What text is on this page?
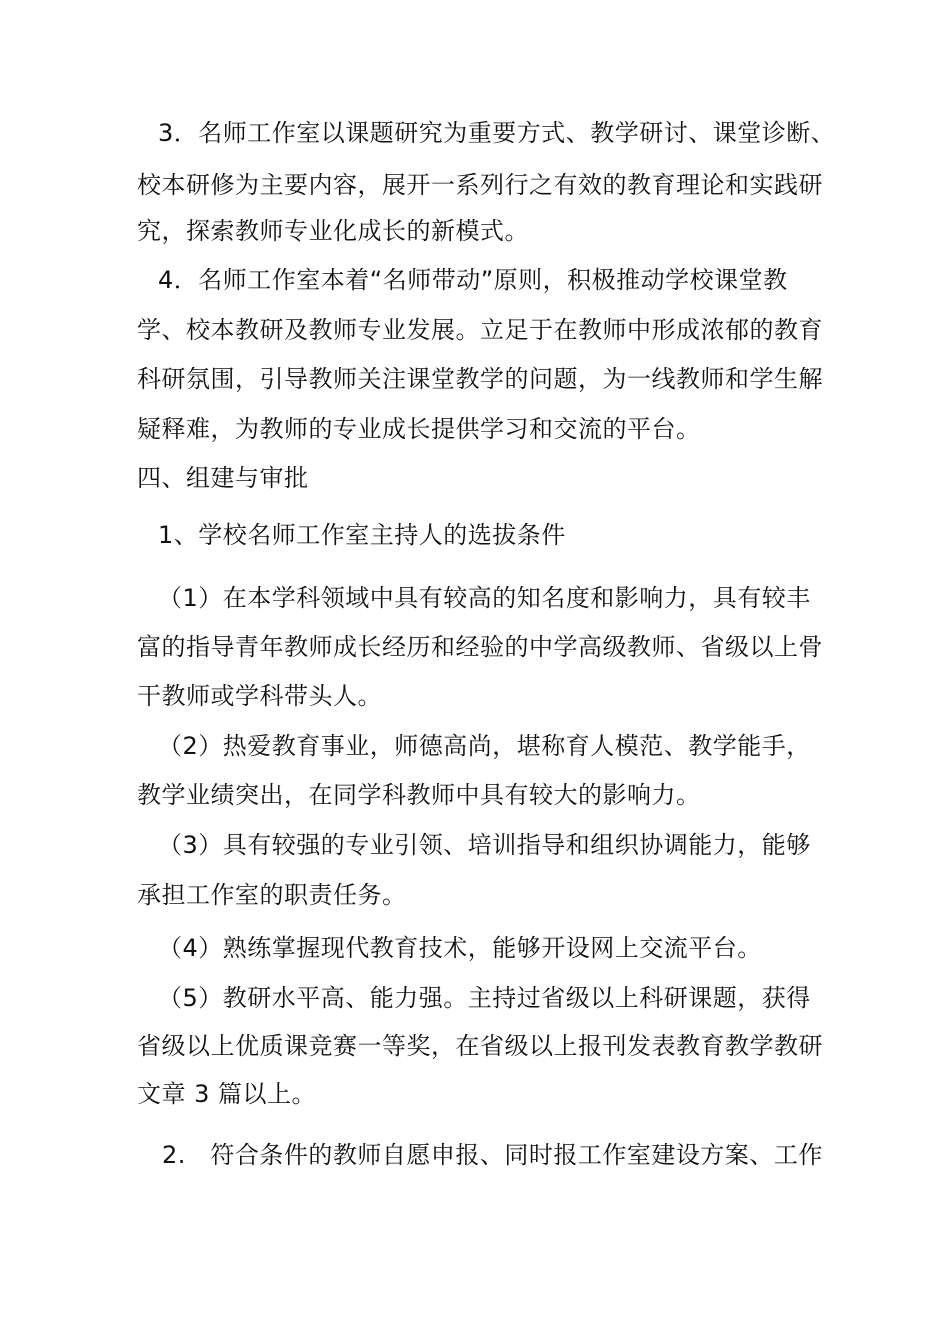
3．名师工作室以课题研究为重要方式、教学研讨、课堂诊断、
校本研修为主要内容，展开一系列行之有效的教育理论和实践研
究，探索教师专业化成长的新模式。
4．名师工作室本着“名师带动”原则，积极推动学校课堂教
学、校本教研及教师专业发展。立足于在教师中形成浓郁的教育
科研氛围，引导教师关注课堂教学的问题，为一线教师和学生解
疑释难，为教师的专业成长提供学习和交流的平台。
四、组建与审批
1、学校名师工作室主持人的选拔条件
（1）在本学科领域中具有较高的知名度和影响力，具有较丰
富的指导青年教师成长经历和经验的中学高级教师、省级以上骨
干教师或学科带头人。
（2）热爱教育事业，师德高尚，堪称育人模范、教学能手，
教学业绩突出，在同学科教师中具有较大的影响力。
（3）具有较强的专业引领、培训指导和组织协调能力，能够
承担工作室的职责任务。
（4）熟练掌握现代教育技术，能够开设网上交流平台。
（5）教研水平高、能力强。主持过省级以上科研课题，获得
省级以上优质课竞赛一等奖，在省级以上报刊发表教育教学教研
文章 3 篇以上。
2.　符合条件的教师自愿申报、同时报工作室建设方案、工作
